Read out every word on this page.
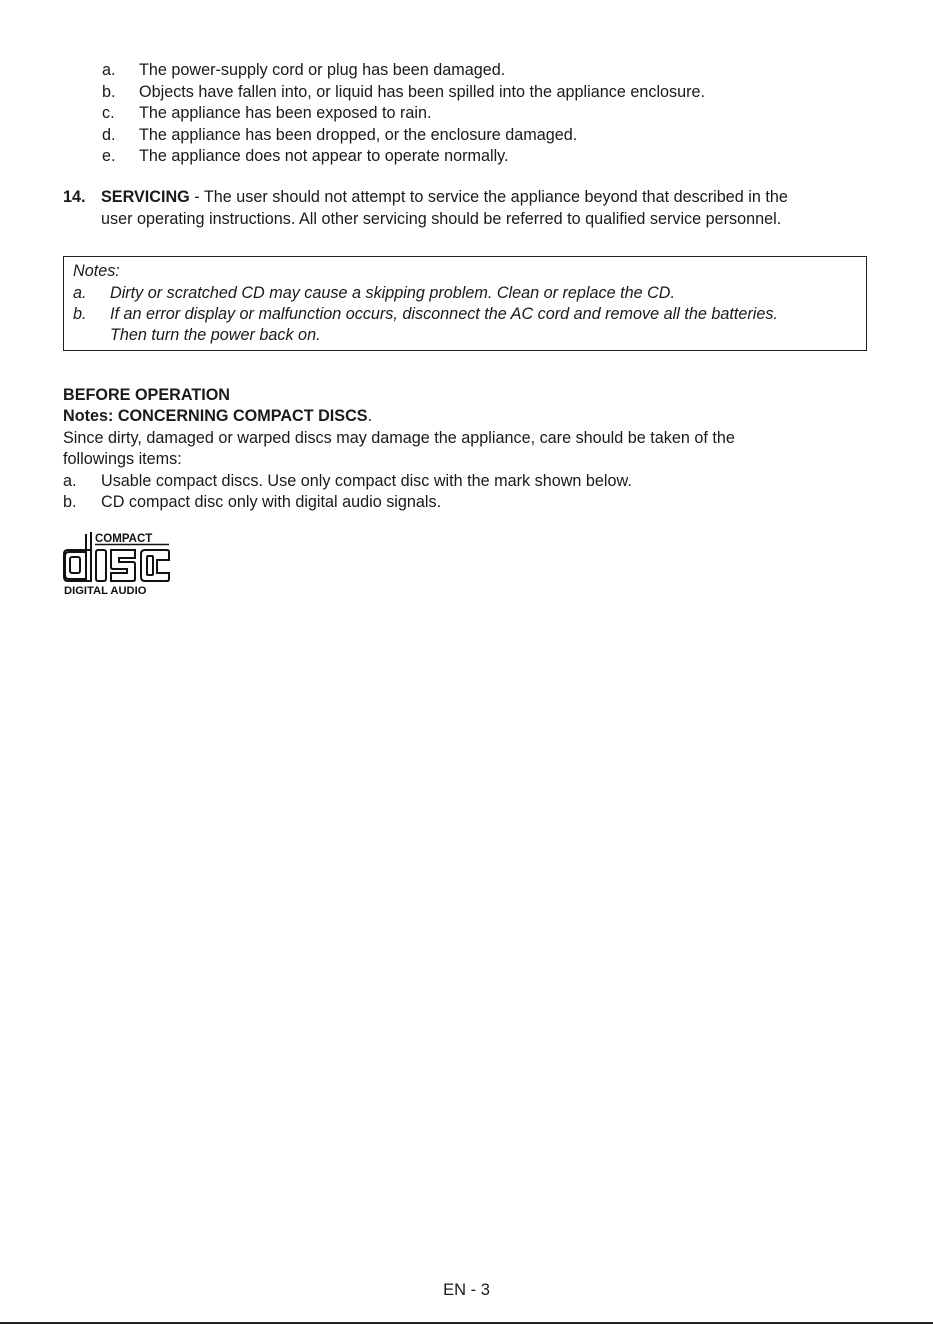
a.	The power-supply cord or plug has been damaged.
b.	Objects have fallen into, or liquid has been spilled into the appliance enclosure.
c.	The appliance has been exposed to rain.
d.	The appliance has been dropped, or the enclosure damaged.
e.	The appliance does not appear to operate normally.
14. SERVICING - The user should not attempt to service the appliance beyond that described in the
user operating instructions. All other servicing should be referred to qualified service personnel.
Notes:
a. Dirty or scratched CD may cause a skipping problem. Clean or replace the CD.
b. If an error display or malfunction occurs, disconnect the AC cord and remove all the batteries.
Then turn the power back on.
BEFORE OPERATION
Notes: CONCERNING COMPACT DISCS.
Since dirty, damaged or warped discs may damage the appliance, care should be taken of the
followings items:
a.	Usable compact discs. Use only compact disc with the mark shown below.
b.	CD compact disc only with digital audio signals.
COMPACT
DIGITAL AUDIO
EN - 3
